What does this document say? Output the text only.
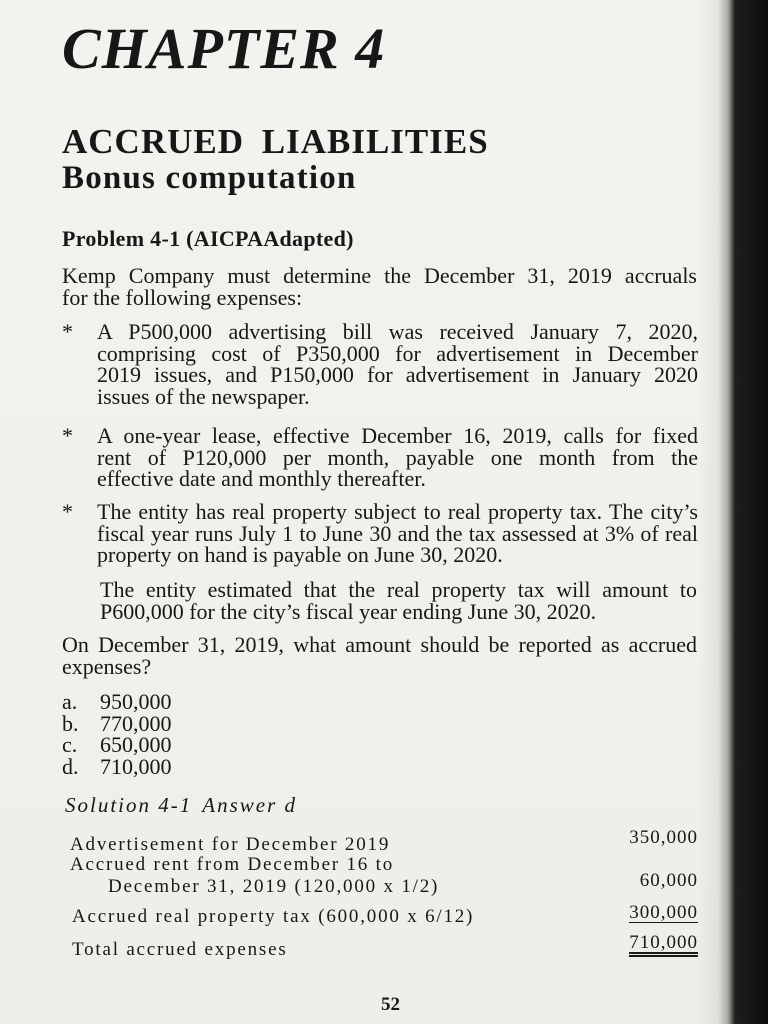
CHAPTER 4
ACCRUED LIABILITIES
Bonus computation
Problem 4-1 (AICPAAdapted)
Kemp Company must determine the December 31, 2019 accruals
for the following expenses:
*	A P500,000 advertising bill was received January 7, 2020,
comprising cost of P350,000 for advertisement in December
2019 issues, and P150,000 for advertisement in January 2020
issues of the newspaper.
*	A one-year lease, effective December 16, 2019, calls for fixed
rent of P120,000 per month, payable one month from the
effective date and monthly thereafter.
*	The entity has real property subject to real property tax. The city’s
fiscal year runs July 1 to June 30 and the tax assessed at 3% of real
property on hand is payable on June 30, 2020.
The entity estimated that the real property tax will amount to
P600,000 for the city’s fiscal year ending June 30, 2020.
On December 31, 2019, what amount should be reported as accrued
expenses?
a. 950,000
b. 770,000
c. 650,000
d. 710,000
Solution 4-1 Answer d
Advertisement for December 2019	350,000
Accrued rent from December 16 to
December 31, 2019 (120,000 x 1/2)	60,000
Accrued real property tax (600,000 x 6/12)	300,000
Total accrued expenses	710,000
52
